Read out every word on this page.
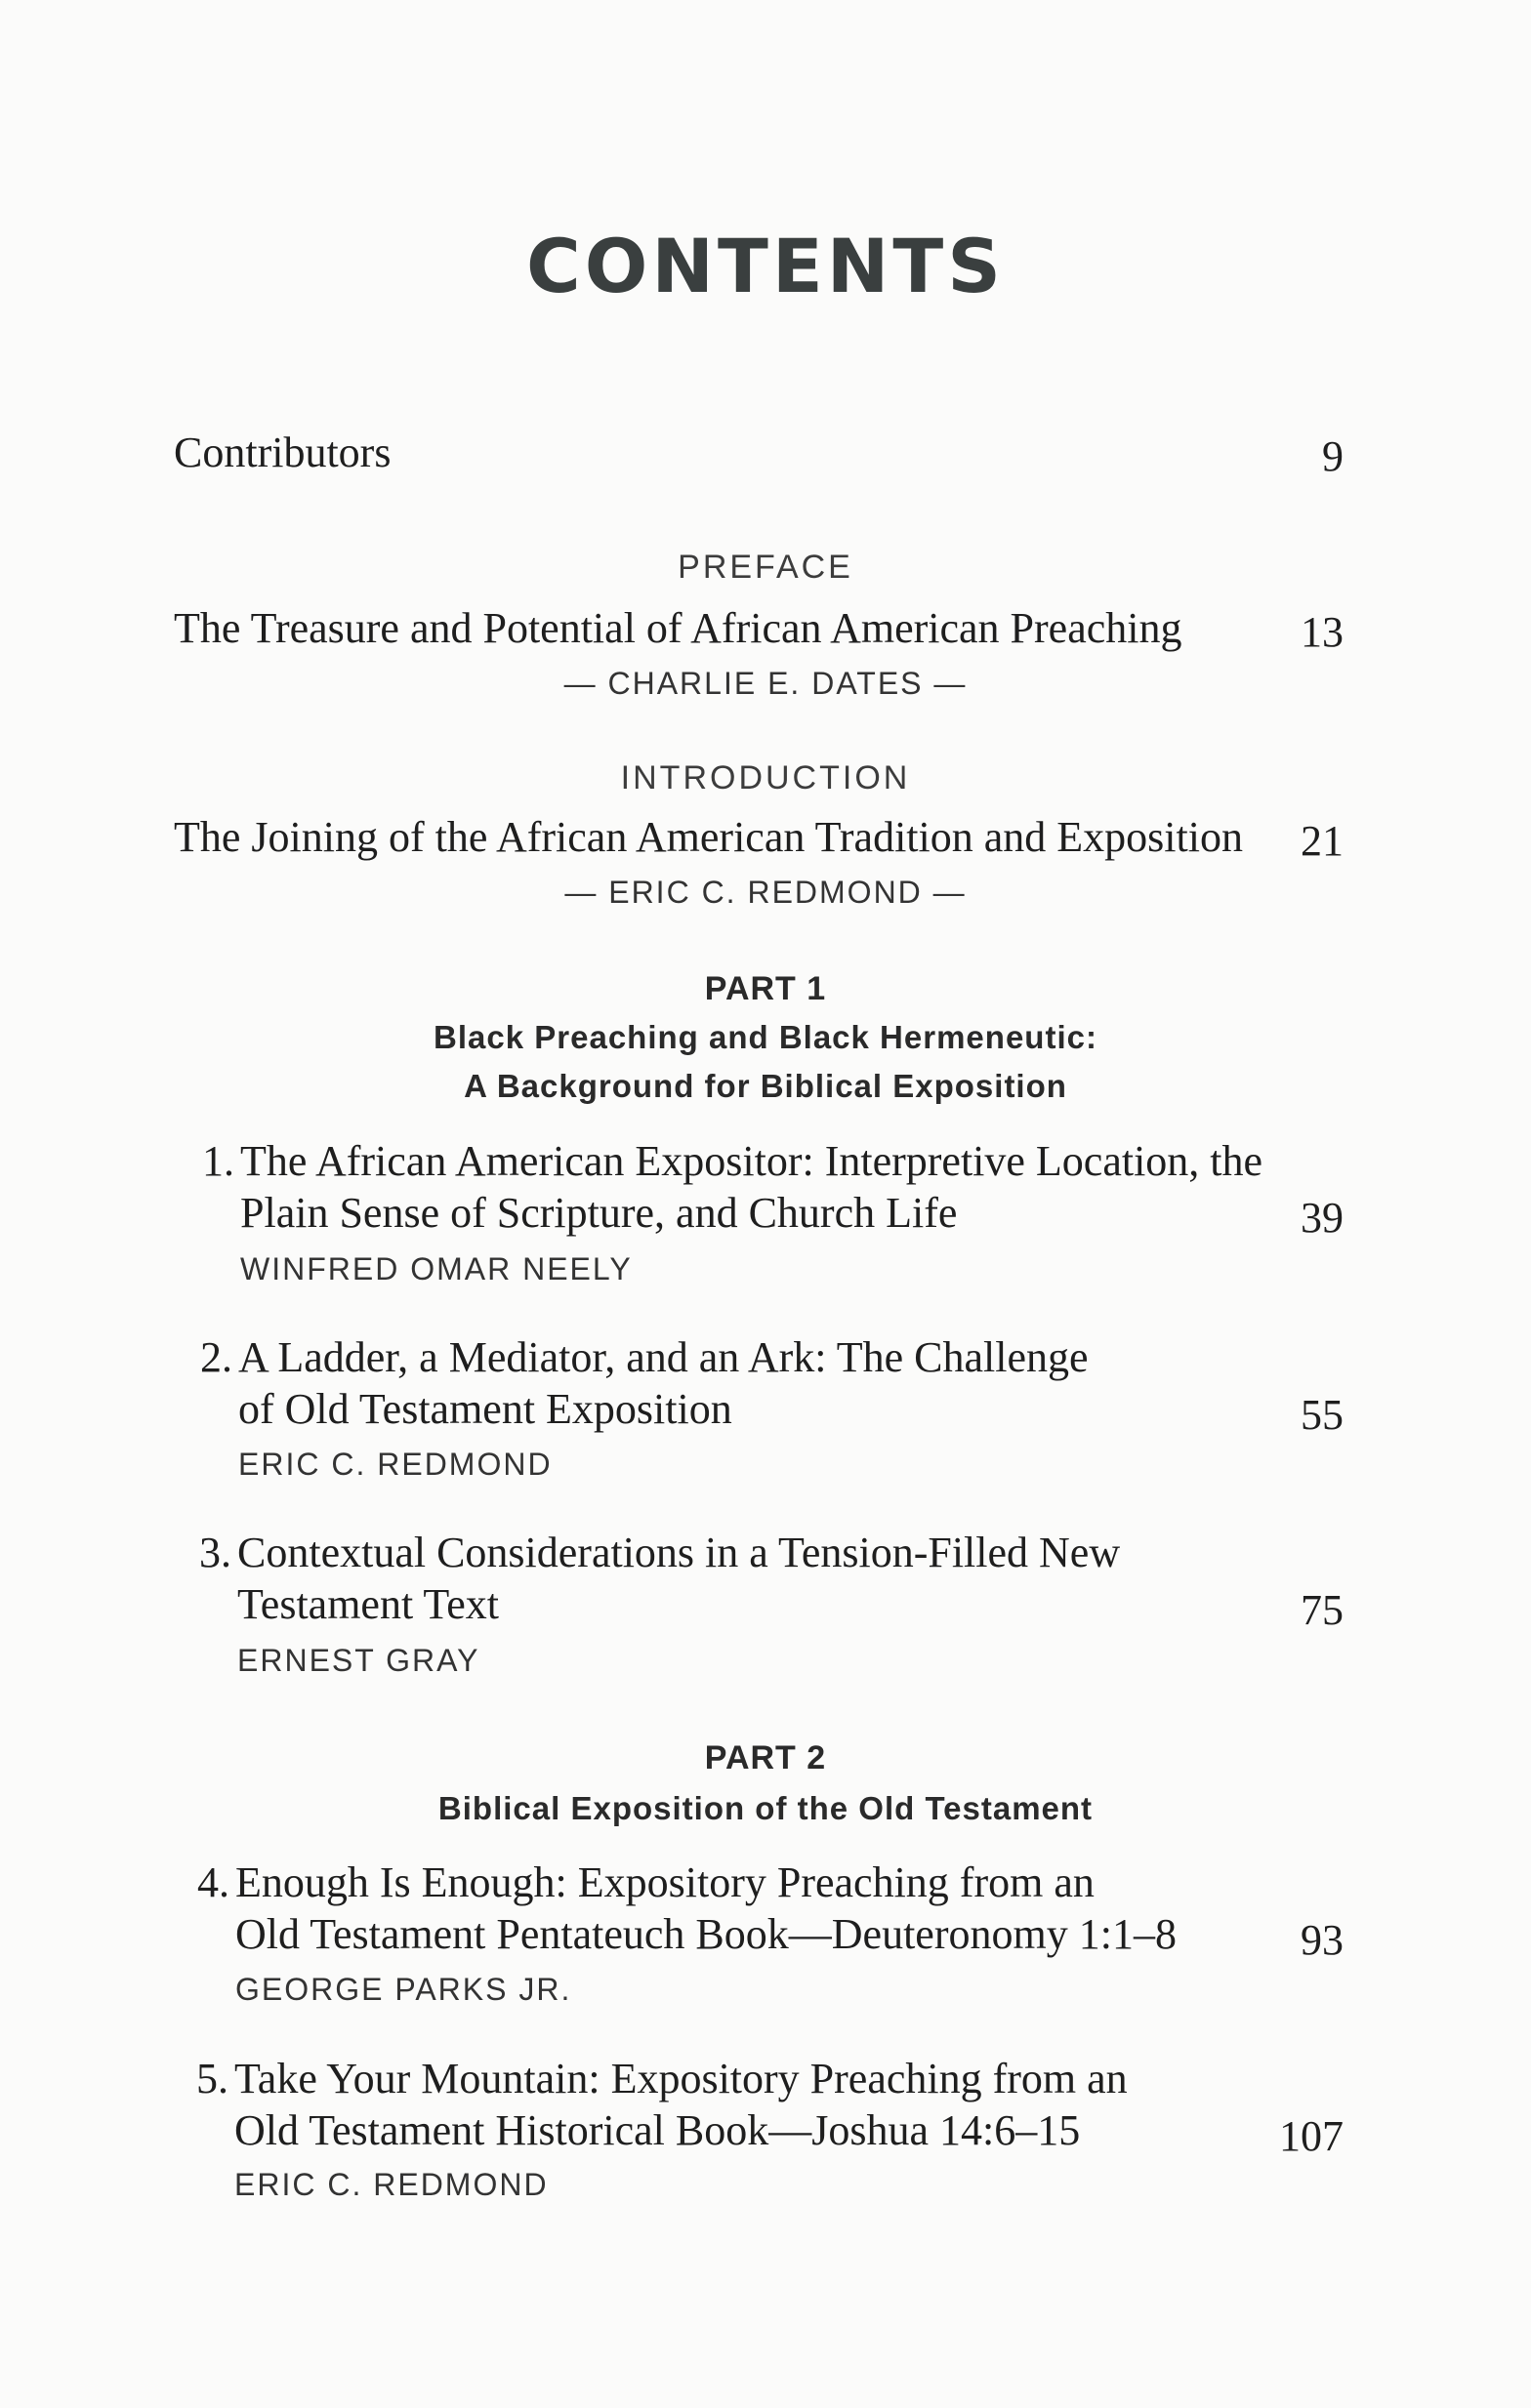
CONTENTS
Contributors	9
PREFACE
The Treasure and Potential of African American Preaching	13
— CHARLIE E. DATES —
INTRODUCTION
The Joining of the African American Tradition and Exposition 21
— ERIC C. REDMOND —
PART 1
Black Preaching and Black Hermeneutic:
A Background for Biblical Exposition
1. The African American Expositor: Interpretive Location, the
Plain Sense of Scripture, and Church Life	39
WINFRED OMAR NEELY
2. A Ladder, a Mediator, and an Ark: The Challenge
of Old Testament Exposition	55
ERIC C. REDMOND
3. Contextual Considerations in a Tension-Filled New
Testament Text	75
ERNEST GRAY
PART 2
Biblical Exposition of the Old Testament
4. Enough Is Enough: Expository Preaching from an
Old Testament Pentateuch Book—Deuteronomy 1:1–8	93
GEORGE PARKS JR.
5. Take Your Mountain: Expository Preaching from an
Old Testament Historical Book—Joshua 14:6–15	107
ERIC C. REDMOND
